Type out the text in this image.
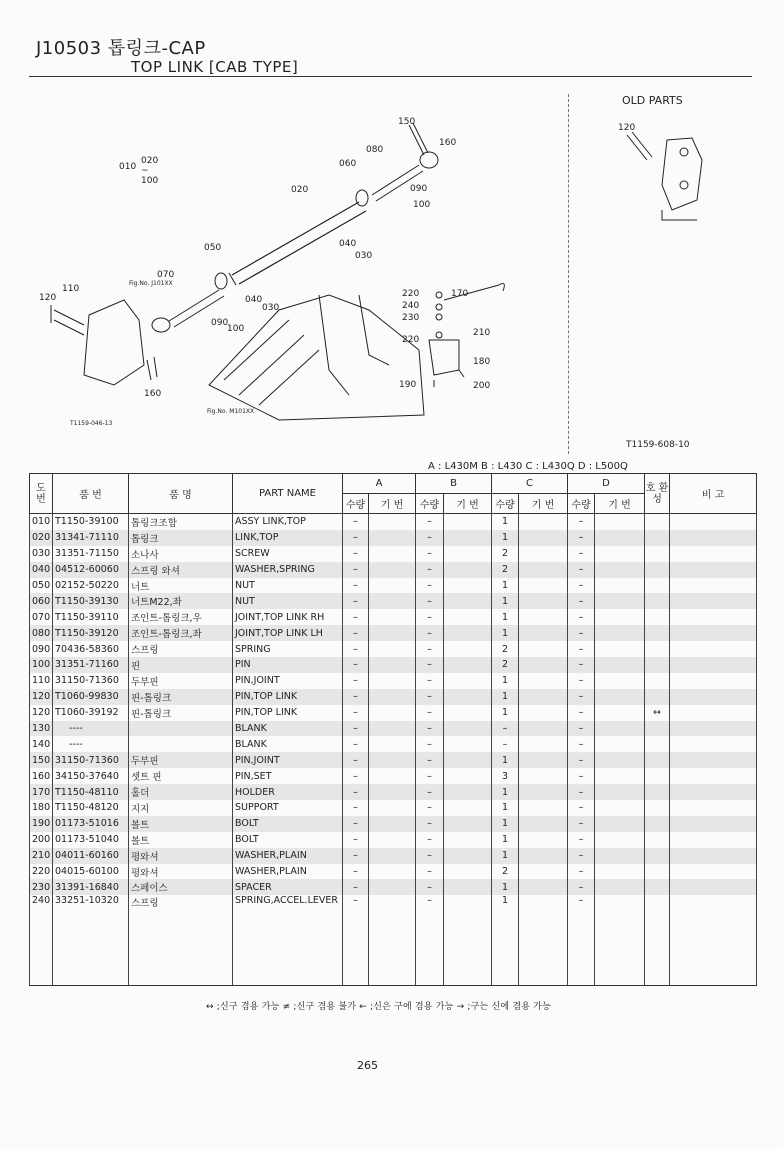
J10503 톱링크-CAP
TOP LINK [CAB TYPE]
010
020
~
100
020
150
160
080
060
090
100
040
030
050
070
110
120
Fig.No. J101XX
090
100
040
030
220
240
230
170
210
220
180
190	200
160
Fig.No. M101XX
OLD PARTS
120
T1159-046-13
T1159-608-10
A : L430M B : L430 C : L430Q D : L500Q
도 번	품 번	품 명	PART NAME	A		B		C		D		호 환 성	비 고
				수량	기 번	수량	기 번	수량	기 번	수량	기 번		
010	T1150-39100	톱링크조합	ASSY LINK,TOP	–		–		1		–			
020	31341-71110	톱링크	LINK,TOP	–		–		1		–			
030	31351-71150	소나사	SCREW	–		–		2		–			
040	04512-60060	스프링 와셔	WASHER,SPRING	–		–		2		–			
050	02152-50220	너트	NUT	–		–		1		–			
060	T1150-39130	너트M22,좌	NUT	–		–		1		–			
070	T1150-39110	조인트-톱링크,우	JOINT,TOP LINK RH	–		–		1		–			
080	T1150-39120	조인트-톱링크,좌	JOINT,TOP LINK LH	–		–		1		–			
090	70436-58360	스프링	SPRING	–		–		2		–			
100	31351-71160	핀	PIN	–		–		2		–			
110	31150-71360	두부핀	PIN,JOINT	–		–		1		–			
120	T1060-99830	핀-톱링크	PIN,TOP LINK	–		–		1		–			
120	T1060-39192	핀-톱링크	PIN,TOP LINK	–		–		1		–		↔	
130	----		BLANK	–		–		–		–			
140	----		BLANK	–		–		–		–			
150	31150-71360	두부핀	PIN,JOINT	–		–		1		–			
160	34150-37640	셋트 핀	PIN,SET	–		–		3		–			
170	T1150-48110	홀더	HOLDER	–		–		1		–			
180	T1150-48120	지지	SUPPORT	–		–		1		–			
190	01173-51016	볼트	BOLT	–		–		1		–			
200	01173-51040	볼트	BOLT	–		–		1		–			
210	04011-60160	평와셔	WASHER,PLAIN	–		–		1		–			
220	04015-60100	평와셔	WASHER,PLAIN	–		–		2		–			
230	31391-16840	스페이스	SPACER	–		–		1		–			
240	33251-10320	스프링	SPRING,ACCEL.LEVER	–		–		1		–			
↔ ;신구 겸용 가능 ≠ ;신구 겸용 불가 ← ;신은 구에 겸용 가능 → ;구는 신에 겸용 가능
265
